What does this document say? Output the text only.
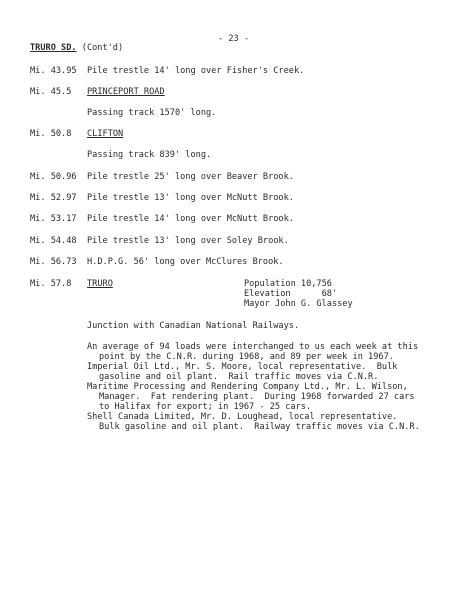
- 23 -
TRURO SD. (Cont'd)
Mi. 43.95	Pile trestle 14' long over Fisher's Creek.
Mi. 45.5	PRINCEPORT ROAD
Passing track 1570' long.
Mi. 50.8	CLIFTON
Passing track 839' long.
Mi. 50.96	Pile trestle 25' long over Beaver Brook.
Mi. 52.97	Pile trestle 13' long over McNutt Brook.
Mi. 53.17	Pile trestle 14' long over McNutt Brook.
Mi. 54.48	Pile trestle 13' long over Soley Brook.
Mi. 56.73	H.D.P.G. 56' long over McClures Brook.
Mi. 57.8	TRURO	Population 10,756
Elevation      68'
Mayor John G. Glassey
Junction with Canadian National Railways.
An average of 94 loads were interchanged to us each week at this
point by the C.N.R. during 1968, and 89 per week in 1967.
Imperial Oil Ltd., Mr. S. Moore, local representative.  Bulk
gasoline and oil plant.  Rail traffic moves via C.N.R.
Maritime Processing and Rendering Company Ltd., Mr. L. Wilson,
Manager.  Fat rendering plant.  During 1968 forwarded 27 cars
to Halifax for export; in 1967 - 25 cars.
Shell Canada Limited, Mr. D. Loughead, local representative.
Bulk gasoline and oil plant.  Railway traffic moves via C.N.R.
